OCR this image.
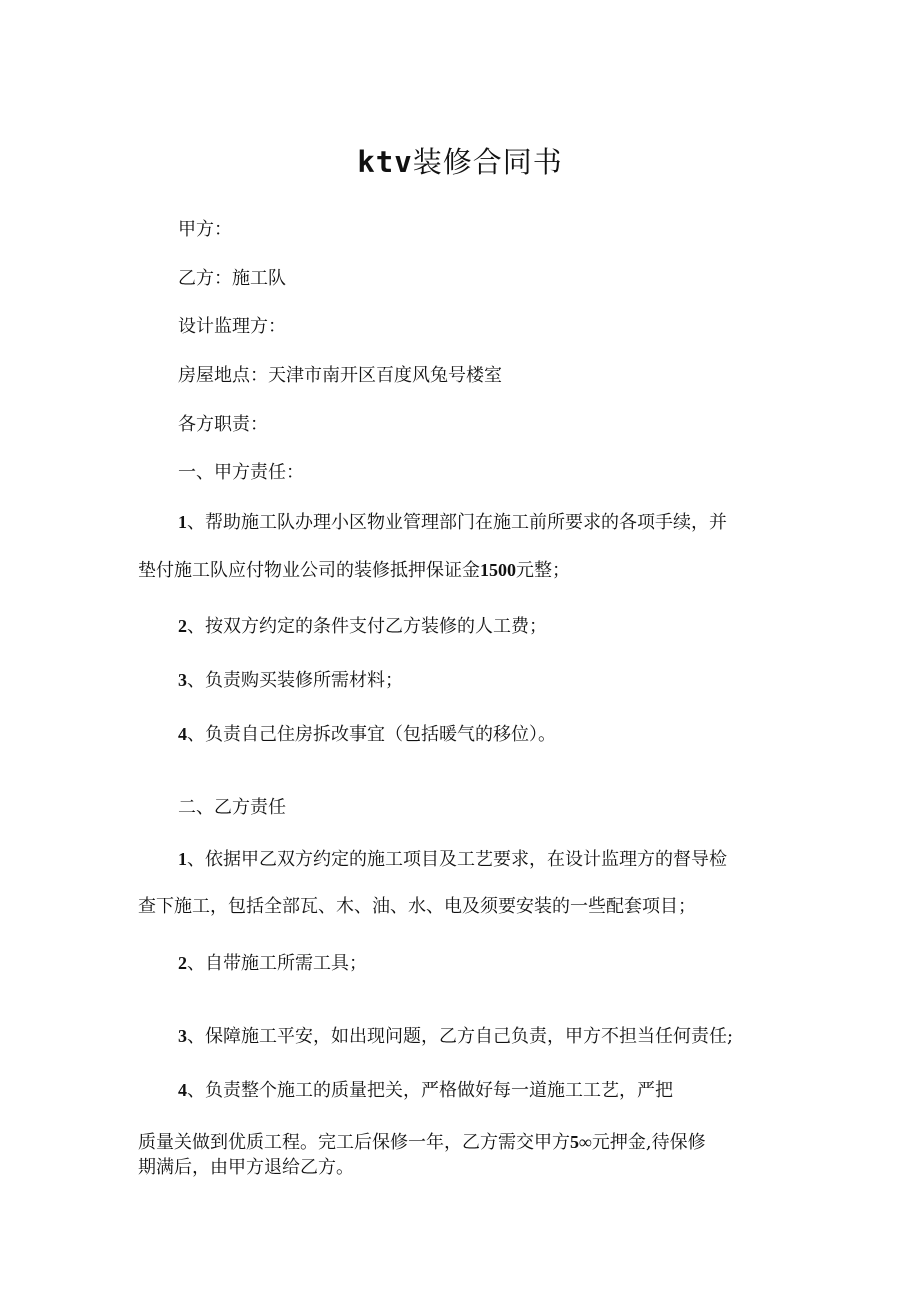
ktv装修合同书
甲方：
乙方：施工队
设计监理方：
房屋地点：天津市南开区百度风兔号楼室
各方职责：
一、甲方责任：
1、帮助施工队办理小区物业管理部门在施工前所要求的各项手续，并
垫付施工队应付物业公司的装修抵押保证金1500元整；
2、按双方约定的条件支付乙方装修的人工费；
3、负责购买装修所需材料；
4、负责自己住房拆改事宜（包括暖气的移位）。
二、乙方责任
1、依据甲乙双方约定的施工项目及工艺要求，在设计监理方的督导检
查下施工，包括全部瓦、木、油、水、电及须要安装的一些配套项目；
2、自带施工所需工具；
3、保障施工平安，如出现问题，乙方自己负责，甲方不担当任何责任;
4、负责整个施工的质量把关，严格做好每一道施工工艺，严把
质量关做到优质工程。完工后保修一年，乙方需交甲方5∞元押金,待保修
期满后，由甲方退给乙方。
